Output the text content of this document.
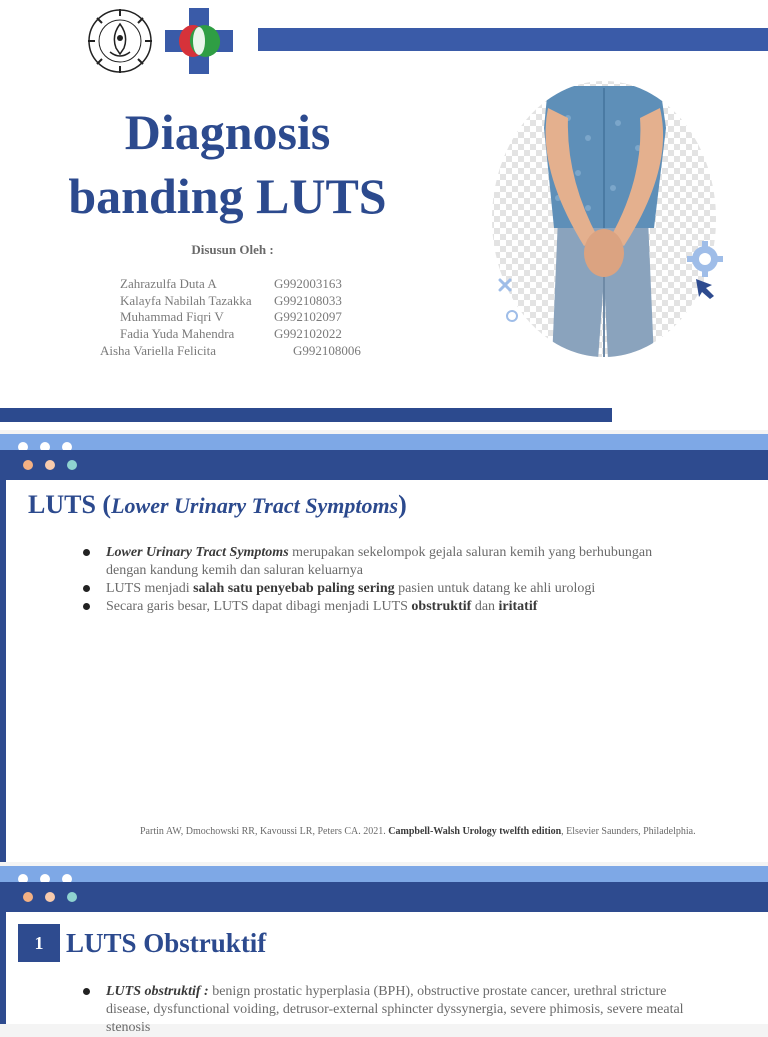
Diagnosis
banding LUTS
Disusun Oleh :
Zahrazulfa Duta A	G992003163
Kalayfa Nabilah Tazakka G992108033
Muhammad Fiqri V	G992102097
Fadia Yuda Mahendra	G992102022
Aisha Variella Felicita	G992108006
LUTS (Lower Urinary Tract Symptoms)
Lower Urinary Tract Symptoms merupakan sekelompok gejala saluran kemih yang berhubungan dengan kandung kemih dan saluran keluarnya
LUTS menjadi salah satu penyebab paling sering pasien untuk datang ke ahli urologi
Secara garis besar, LUTS dapat dibagi menjadi LUTS obstruktif dan iritatif
Partin AW, Dmochowski RR, Kavoussi LR, Peters CA. 2021. Campbell-Walsh Urology twelfth edition, Elsevier Saunders, Philadelphia.
1 LUTS Obstruktif
LUTS obstruktif : benign prostatic hyperplasia (BPH), obstructive prostate cancer, urethral stricture disease, dysfunctional voiding, detrusor-external sphincter dyssynergia, severe phimosis, severe meatal stenosis
